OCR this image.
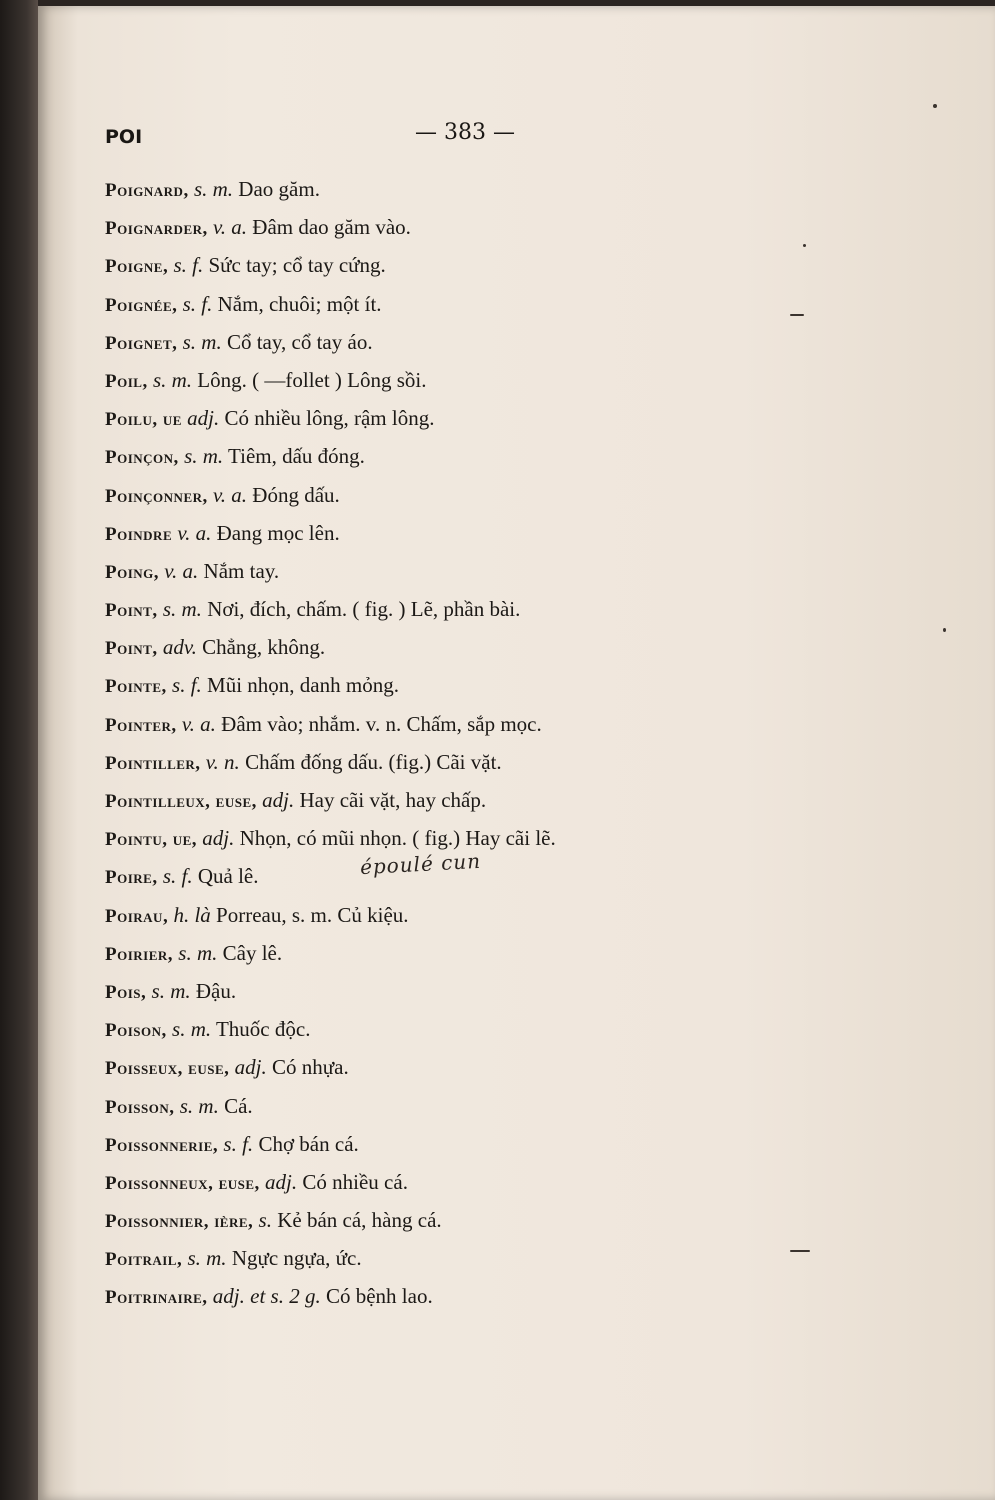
POI	— 383 —
Poignard, s. m. Dao găm.
Poignarder, v. a. Đâm dao găm vào.
Poigne, s. f. Sức tay; cổ tay cứng.
Poignée, s. f. Nắm, chuôi; một ít.
Poignet, s. m. Cổ tay, cổ tay áo.
Poil, s. m. Lông. ( —follet ) Lông sồi.
Poilu, ue adj. Có nhiều lông, rậm lông.
Poinçon, s. m. Tiêm, dấu đóng.
Poinçonner, v. a. Đóng dấu.
Poindre v. a. Đang mọc lên.
Poing, v. a. Nắm tay.
Point, s. m. Nơi, đích, chấm. ( fig. ) Lẽ, phần bài.
Point, adv. Chẳng, không.
Pointe, s. f. Mũi nhọn, danh mỏng.
Pointer, v. a. Đâm vào; nhắm. v. n. Chấm, sắp mọc.
Pointiller, v. n. Chấm đống dấu. (fig.) Cãi vặt.
Pointilleux, euse, adj. Hay cãi vặt, hay chấp.
Pointu, ue, adj. Nhọn, có mũi nhọn. ( fig.) Hay cãi lẽ.
Poire, s. f. Quả lê.
Poirau, h. là Porreau, s. m. Củ kiệu.
Poirier, s. m. Cây lê.
Pois, s. m. Đậu.
Poison, s. m. Thuốc độc.
Poisseux, euse, adj. Có nhựa.
Poisson, s. m. Cá.
Poissonnerie, s. f. Chợ bán cá.
Poissonneux, euse, adj. Có nhiều cá.
Poissonnier, ière, s. Kẻ bán cá, hàng cá.
Poitrail, s. m. Ngực ngựa, ức.
Poitrinaire, adj. et s. 2 g. Có bệnh lao.
époulé cun
